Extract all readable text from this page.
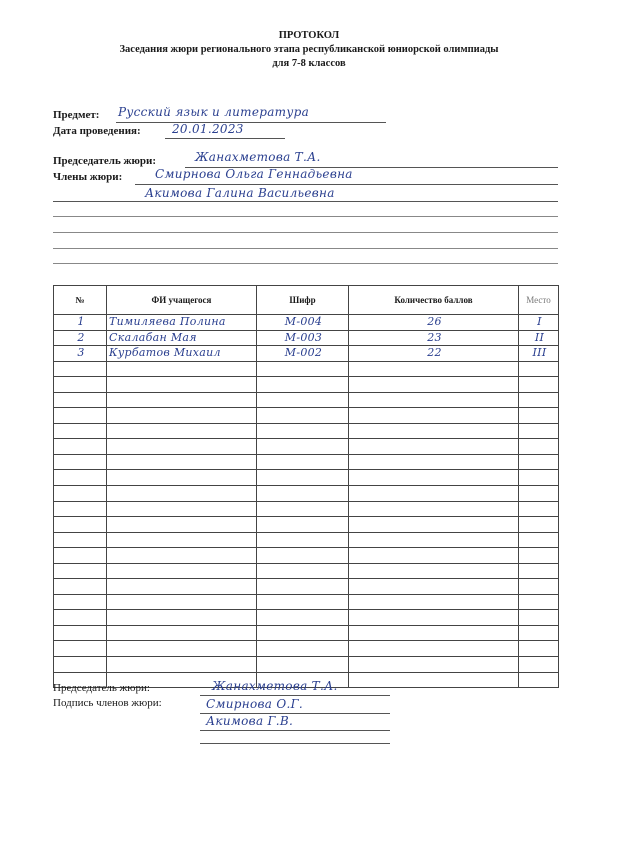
ПРОТОКОЛ
Заседания жюри регионального этапа республиканской юниорской олимпиады
для 7-8 классов
Предмет: Русский язык и литература
Дата проведения:	20.01.2023
Председатель жюри:	Жанахметова Т.А.
Члены жюри:	Смирнова Ольга Геннадьевна
Акимова Галина Васильевна
№	ФИ учащегося	Шифр	Количество баллов	Место

1	Тимиляева Полина	М-004	26	I

2	Скалабан Мая	М-003	23	II

3	Курбатов Михаил	М-002	22	III

Председатель жюри:	Жанахметова Т.А.
Подпись членов жюри:	Смирнова О.Г.
Акимова Г.В.
